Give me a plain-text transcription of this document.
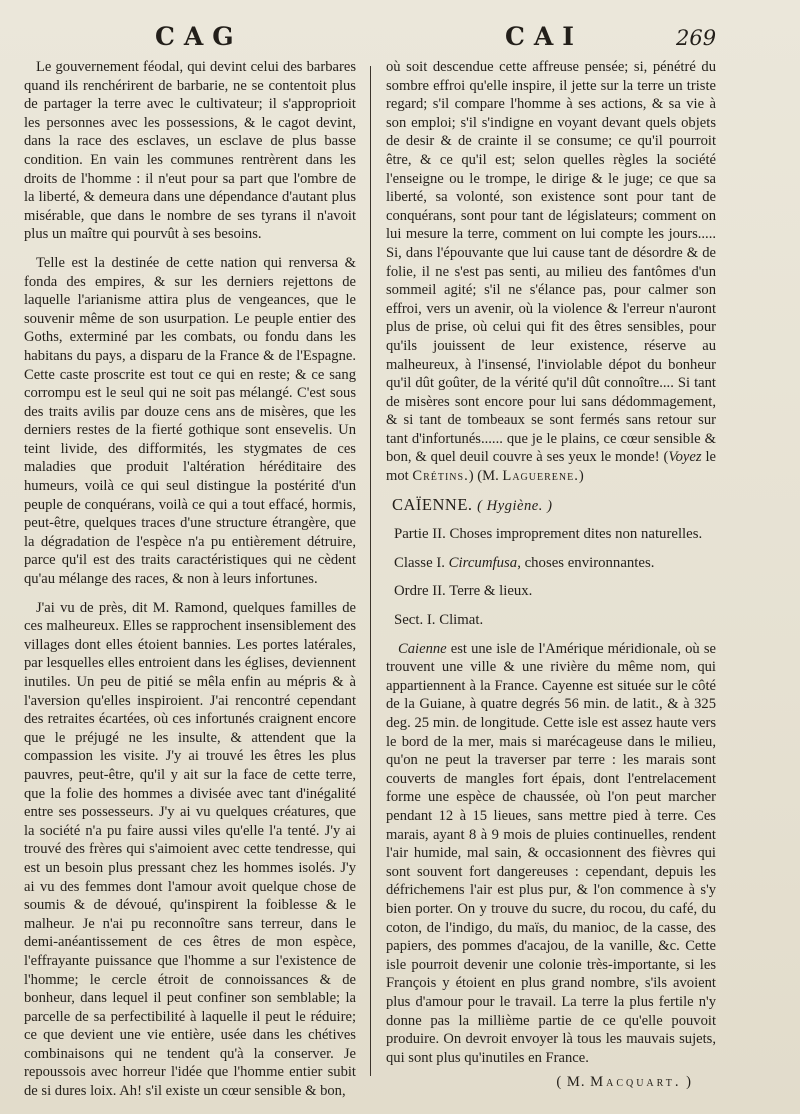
CAG	CAI	269

Le gouvernement féodal, qui devint celui des barbares quand ils renchérirent de barbarie, ne se contentoit plus de partager la terre avec le cultivateur; il s'approprioit les personnes avec les possessions, & le cagot devint, dans la race des esclaves, un esclave de plus basse condition. En vain les communes rentrèrent dans les droits de l'homme : il n'eut pour sa part que l'ombre de la liberté, & demeura dans une dépendance d'autant plus misérable, que dans le nombre de ses tyrans il n'avoit plus un maître qui pourvût à ses besoins.

Telle est la destinée de cette nation qui renversa & fonda des empires, & sur les derniers rejettons de laquelle l'arianisme attira plus de vengeances, que le souvenir même de son usurpation. Le peuple entier des Goths, exterminé par les combats, ou fondu dans les habitans du pays, a disparu de la France & de l'Espagne. Cette caste proscrite est tout ce qui en reste; & ce sang corrompu est le seul qui ne soit pas mélangé. C'est sous des traits avilis par douze cens ans de misères, que les derniers restes de la fierté gothique sont ensevelis. Un teint livide, des difformités, les stygmates de ces maladies que produit l'altération héréditaire des humeurs, voilà ce qui seul distingue la postérité d'un peuple de conquérans, voilà ce qui a tout effacé, hormis, peut-être, quelques traces d'une structure étrangère, que la dégradation de l'espèce n'a pu entièrement détruire, parce qu'il est des traits caractéristiques qui ne cèdent qu'au mélange des races, & non à leurs infortunes.

J'ai vu de près, dit M. Ramond, quelques familles de ces malheureux. Elles se rapprochent insensiblement des villages dont elles étoient bannies. Les portes latérales, par lesquelles elles entroient dans les églises, deviennent inutiles. Un peu de pitié se mêla enfin au mépris & à l'aversion qu'elles inspiroient. J'ai rencontré cependant des retraites écartées, où ces infortunés craignent encore que le préjugé ne les insulte, & attendent que la compassion les visite. J'y ai trouvé les êtres les plus pauvres, peut-être, qu'il y ait sur la face de cette terre, que la folie des hommes a divisée avec tant d'inégalité entre ses possesseurs. J'y ai vu quelques créatures, que la société n'a pu faire aussi viles qu'elle l'a tenté. J'y ai trouvé des frères qui s'aimoient avec cette tendresse, qui est un besoin plus pressant chez les hommes isolés. J'y ai vu des femmes dont l'amour avoit quelque chose de soumis & de dévoué, qu'inspirent la foiblesse & le malheur. Je n'ai pu reconnoître sans terreur, dans le demi-anéantissement de ces êtres de mon espèce, l'effrayante puissance que l'homme a sur l'existence de l'homme; le cercle étroit de connoissances & de bonheur, dans lequel il peut confiner son semblable; la parcelle de sa perfectibilité à laquelle il peut le réduire; ce que devient une vie entière, usée dans les chétives combinaisons qui ne tendent qu'à la conserver. Je repoussois avec horreur l'idée que l'homme entier subit de si dures loix. Ah! s'il existe un cœur sensible & bon,

où soit descendue cette affreuse pensée; si, pénétré du sombre effroi qu'elle inspire, il jette sur la terre un triste regard; s'il compare l'homme à ses actions, & sa vie à son emploi; s'il s'indigne en voyant devant quels objets de desir & de crainte il se consume; ce qu'il pourroit être, & ce qu'il est; selon quelles règles la société l'enseigne ou le trompe, le dirige & le juge; ce que sa liberté, sa volonté, son existence sont pour tant de conquérans, sont pour tant de législateurs; comment on lui mesure la terre, comment on lui compte les jours..... Si, dans l'épouvante que lui cause tant de désordre & de folie, il ne s'est pas senti, au milieu des fantômes d'un sommeil agité; s'il ne s'élance pas, pour calmer son effroi, vers un avenir, où la violence & l'erreur n'auront plus de prise, où celui qui fit des êtres sensibles, pour qu'ils jouissent de leur existence, réserve au malheureux, à l'insensé, l'inviolable dépot du bonheur qu'il dût goûter, de la vérité qu'il dût connoître.... Si tant de misères sont encore pour lui sans dédommagement, & si tant de tombeaux se sont fermés sans retour sur tant d'infortunés...... que je le plains, ce cœur sensible & bon, & quel deuil couvre à ses yeux le monde! (Voyez le mot Crétins.) (M. Laguerene.)

CAÏENNE. ( Hygiène. )
Partie II. Choses improprement dites non naturelles.
Classe I. Circumfusa, choses environnantes.
Ordre II. Terre & lieux.
Sect. I. Climat.

Caienne est une isle de l'Amérique méridionale, où se trouvent une ville & une rivière du même nom, qui appartiennent à la France. Cayenne est située sur le côté de la Guiane, à quatre degrés 56 min. de latit., & à 325 deg. 25 min. de longitude. Cette isle est assez haute vers le bord de la mer, mais si marécageuse dans le milieu, qu'on ne peut la traverser par terre : les marais sont couverts de mangles fort épais, dont l'entrelacement forme une espèce de chaussée, où l'on peut marcher pendant 12 à 15 lieues, sans mettre pied à terre. Ces marais, ayant 8 à 9 mois de pluies continuelles, rendent l'air humide, mal sain, & occasionnent des fièvres qui sont souvent fort dangereuses : cependant, depuis les défrichemens l'air est plus pur, & l'on commence à s'y bien porter. On y trouve du sucre, du rocou, du café, du coton, de l'indigo, du maïs, du manioc, de la casse, des papiers, des pommes d'acajou, de la vanille, &c. Cette isle pourroit devenir une colonie très-importante, si les François y étoient en plus grand nombre, s'ils avoient plus d'amour pour le travail. La terre la plus fertile n'y donne pas la millième partie de ce qu'elle pouvoit produire. On devroit envoyer là tous les mauvais sujets, qui sont plus qu'inutiles en France.

( M. Macquart. )
